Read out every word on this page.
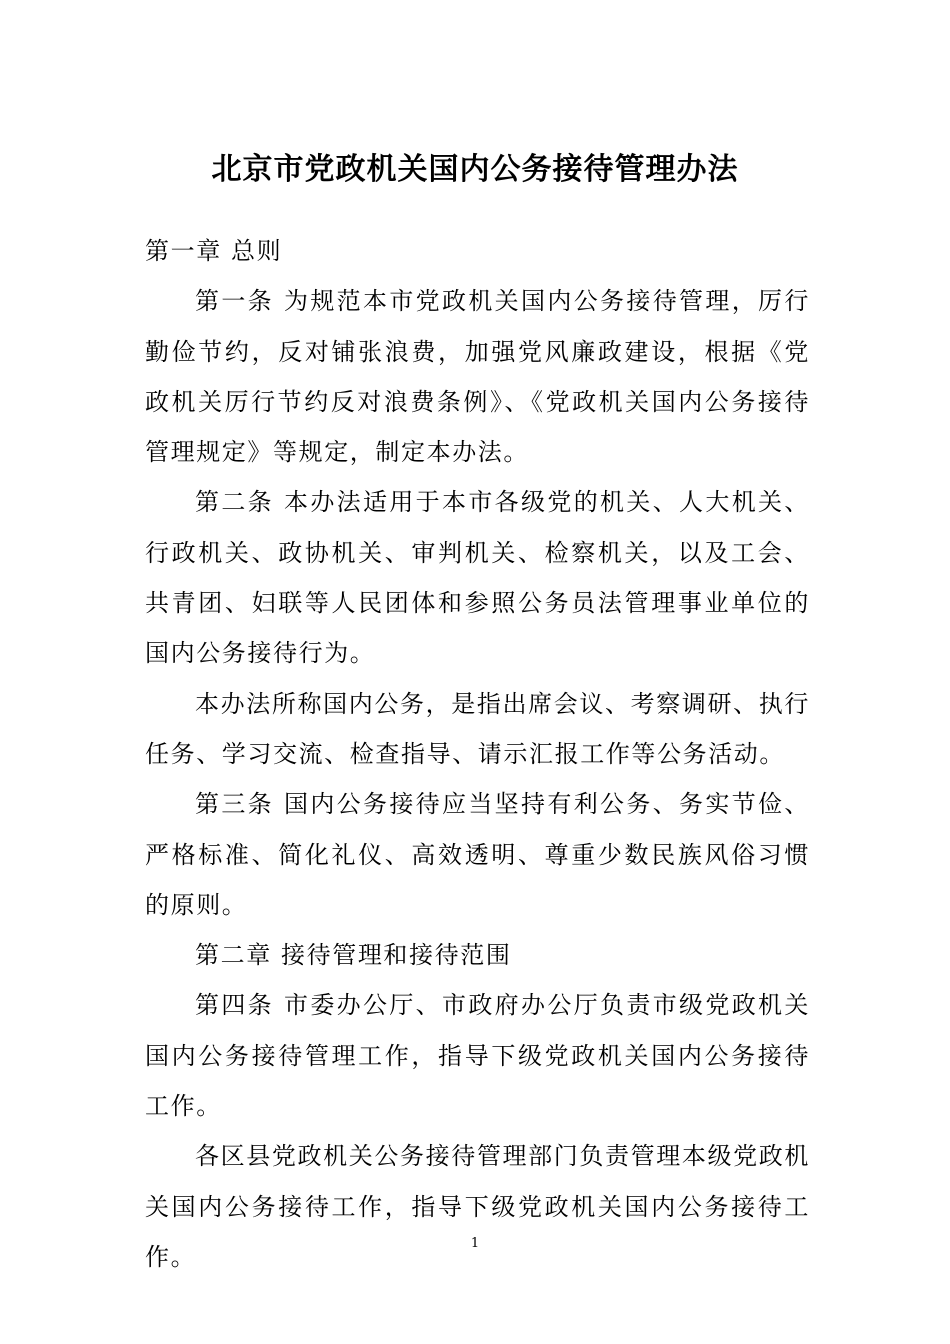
北京市党政机关国内公务接待管理办法

第一章 总则

第一条 为规范本市党政机关国内公务接待管理，厉行勤俭节约，反对铺张浪费，加强党风廉政建设，根据《党政机关厉行节约反对浪费条例》、《党政机关国内公务接待管理规定》等规定，制定本办法。

第二条 本办法适用于本市各级党的机关、人大机关、行政机关、政协机关、审判机关、检察机关，以及工会、共青团、妇联等人民团体和参照公务员法管理事业单位的国内公务接待行为。

本办法所称国内公务，是指出席会议、考察调研、执行任务、学习交流、检查指导、请示汇报工作等公务活动。

第三条 国内公务接待应当坚持有利公务、务实节俭、严格标准、简化礼仪、高效透明、尊重少数民族风俗习惯的原则。

第二章 接待管理和接待范围

第四条 市委办公厅、市政府办公厅负责市级党政机关国内公务接待管理工作，指导下级党政机关国内公务接待工作。

各区县党政机关公务接待管理部门负责管理本级党政机关国内公务接待工作，指导下级党政机关国内公务接待工作。	1
